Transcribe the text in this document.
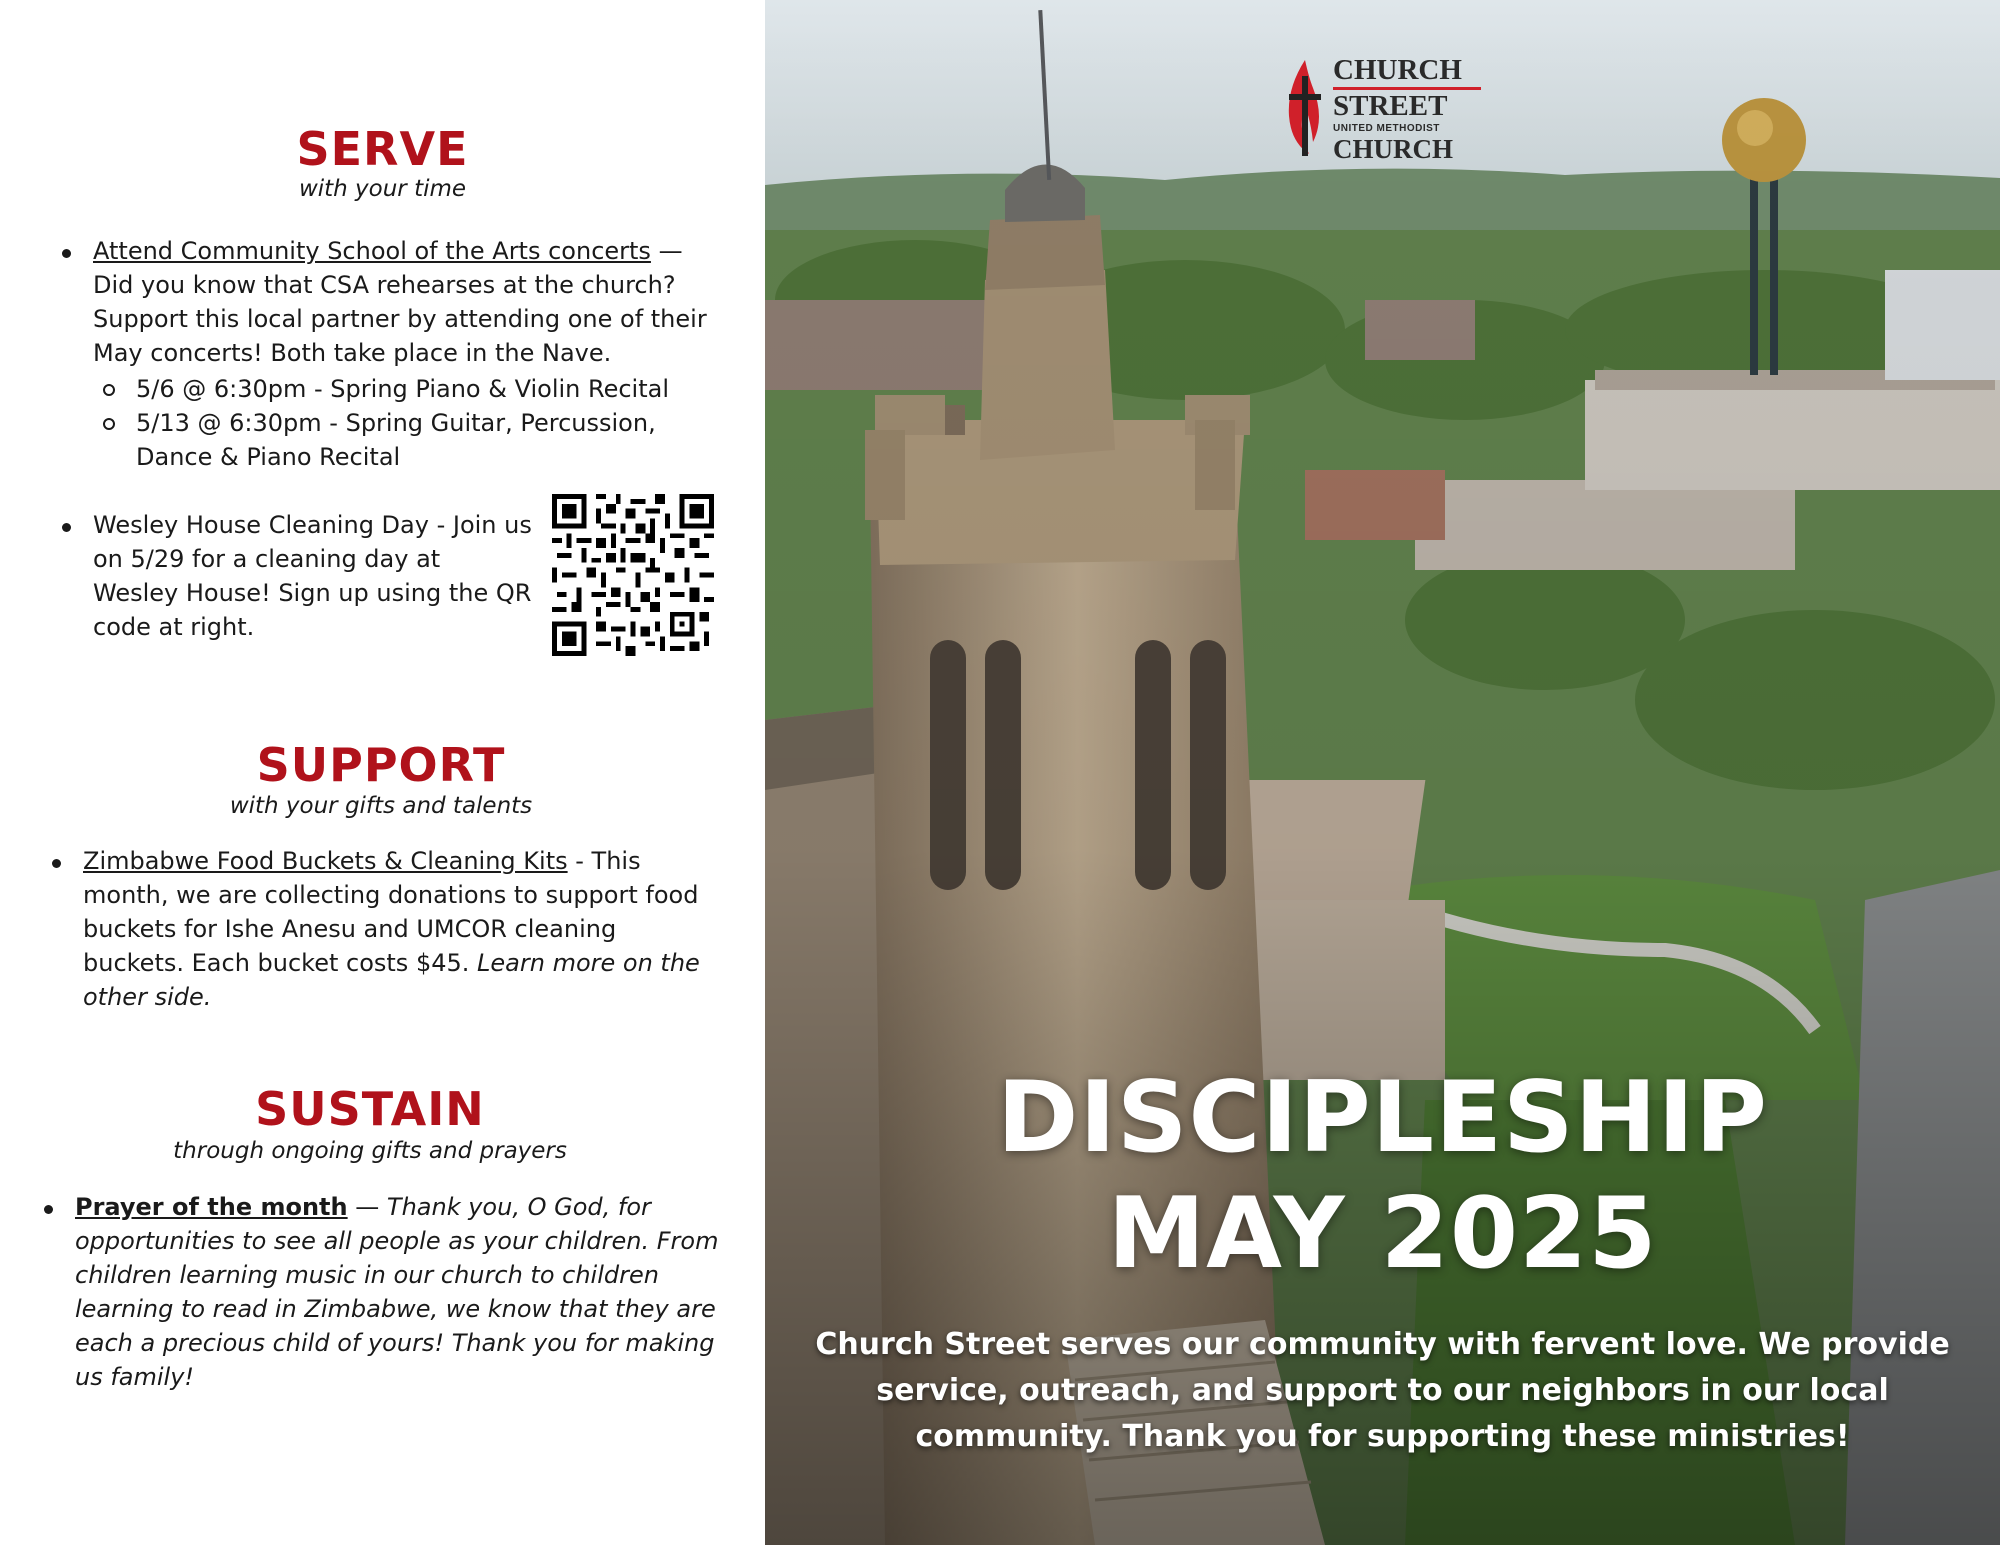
SERVE
with your time
Attend Community School of the Arts concerts — Did you know that CSA rehearses at the church? Support this local partner by attending one of their May concerts! Both take place in the Nave.
5/6 @ 6:30pm - Spring Piano & Violin Recital
5/13 @ 6:30pm - Spring Guitar, Percussion, Dance & Piano Recital
Wesley House Cleaning Day - Join us on 5/29 for a cleaning day at Wesley House! Sign up using the QR code at right.
SUPPORT
with your gifts and talents
Zimbabwe Food Buckets & Cleaning Kits - This month, we are collecting donations to support food buckets for Ishe Anesu and UMCOR cleaning buckets. Each bucket costs $45. Learn more on the other side.
SUSTAIN
through ongoing gifts and prayers
Prayer of the month — Thank you, O God, for opportunities to see all people as your children. From children learning music in our church to children learning to read in Zimbabwe, we know that they are each a precious child of yours! Thank you for making us family!
CHURCH
STREET
UNITED METHODIST
CHURCH
DISCIPLESHIP
MAY 2025
Church Street serves our community with fervent love. We provide service, outreach, and support to our neighbors in our local community. Thank you for supporting these ministries!
